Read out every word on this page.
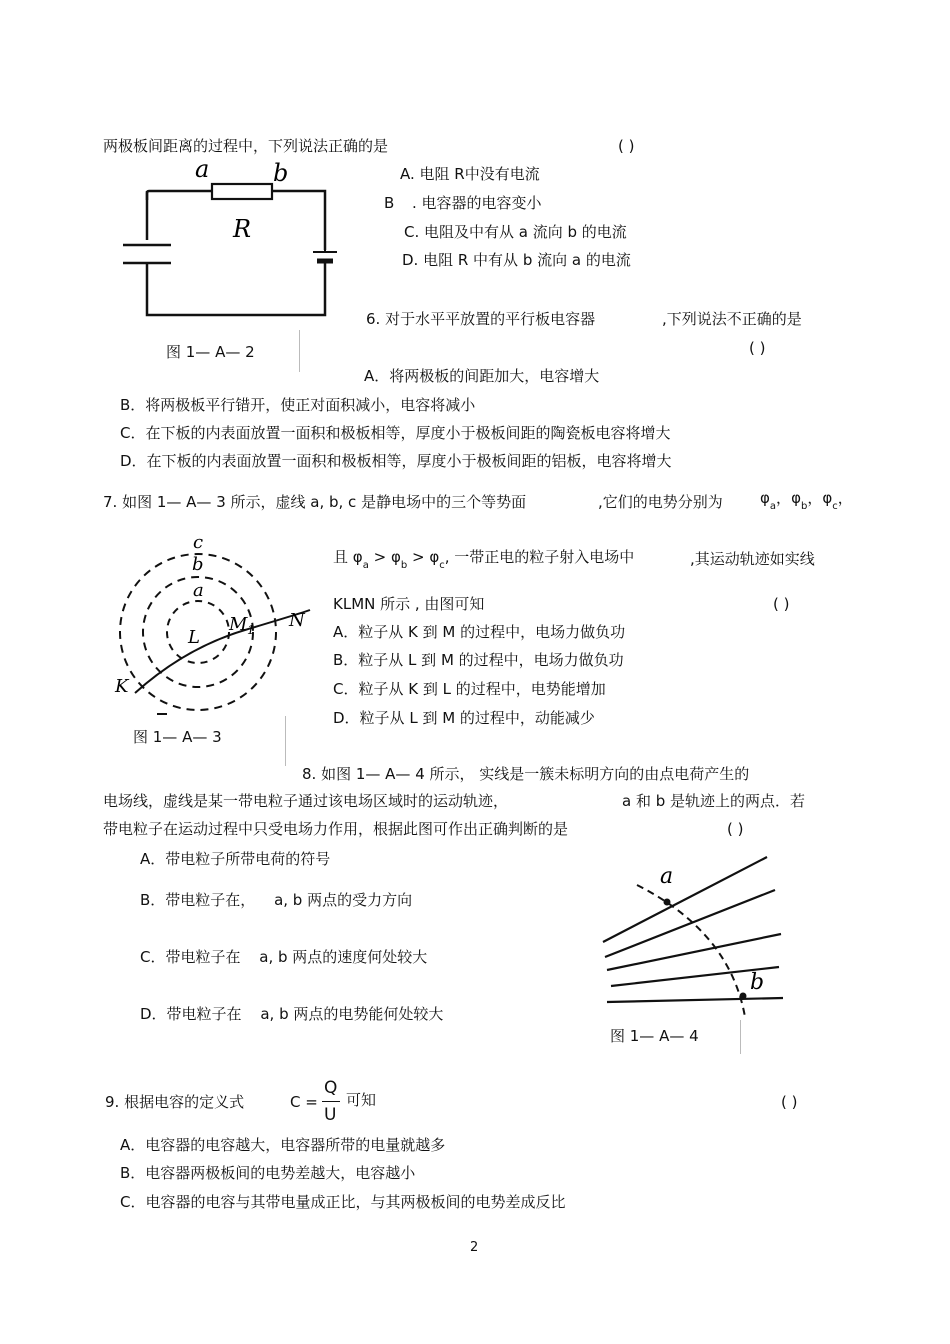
两极板间距离的过程中，下列说法正确的是	( )
a	b
R
A. 电阻 R中没有电流
B . 电容器的电容变小
C. 电阻及中有从 a 流向 b 的电流
D. 电阻 R 中有从 b 流向 a 的电流
图 1— A— 2
6. 对于水平平放置的平行板电容器	,下列说法不正确的是
( )
A．将两极板的间距加大，电容增大
B．将两极板平行错开，使正对面积减小，电容将减小
C．在下板的内表面放置一面积和极板相等，厚度小于极板间距的陶瓷板电容将增大
D．在下板的内表面放置一面积和极板相等，厚度小于极板间距的铝板，电容将增大
7. 如图 1— A— 3 所示，虚线 a, b, c 是静电场中的三个等势面	,它们的电势分别为 $\varphi_a$，$\varphi_b$，$\varphi_c$，
且 $\varphi_a > \varphi_b > \varphi_c$, 一带正电的粒子射入电场中	,其运动轨迹如实线
KLMN 所示 , 由图可知	( )
A．粒子从 K 到 M 的过程中，电场力做负功
B．粒子从 L 到 M 的过程中，电场力做负功
C．粒子从 K 到 L 的过程中，电势能增加
D．粒子从 L 到 M 的过程中，动能减少
c
b
a
L
M 1 N
K
图 1— A— 3
8. 如图 1— A— 4 所示， 实线是一簇未标明方向的由点电荷产生的
电场线，虚线是某一带电粒子通过该电场区域时的运动轨迹，	a 和 b 是轨迹上的两点．若
带电粒子在运动过程中只受电场力作用，根据此图可作出正确判断的是	( )
A．带电粒子所带电荷的符号
B．带电粒子在， a, b 两点的受力方向
C．带电粒子在 a, b 两点的速度何处较大
D．带电粒子在 a, b 两点的电势能何处较大
a
b
图 1— A— 4
9. 根据电容的定义式	C =
Q
U
可知	( )
A．电容器的电容越大，电容器所带的电量就越多
B．电容器两极板间的电势差越大，电容越小
C．电容器的电容与其带电量成正比，与其两极板间的电势差成反比
2
